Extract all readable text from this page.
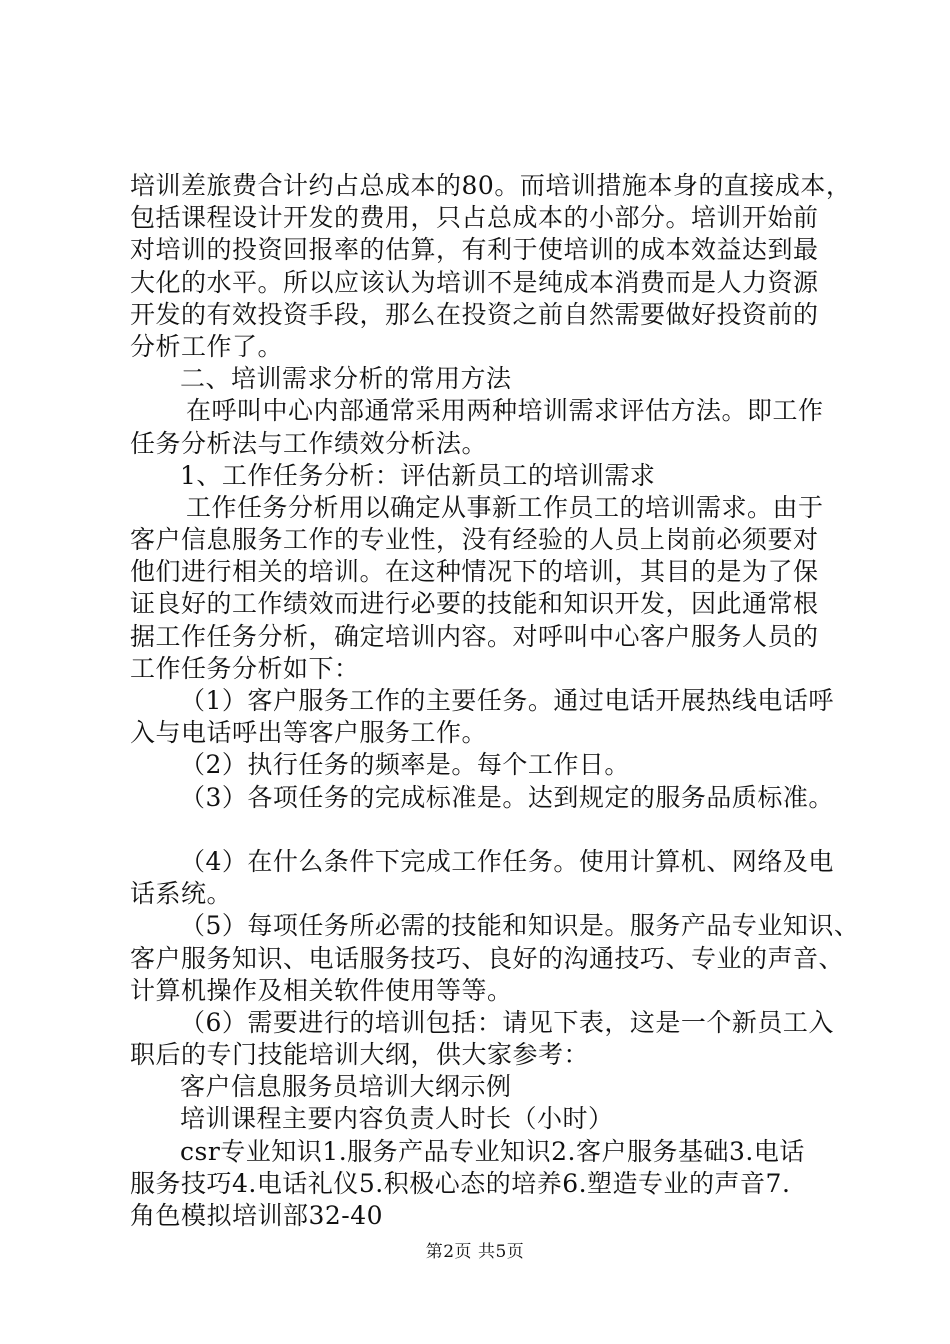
培训差旅费合计约占总成本的80。而培训措施本身的直接成本，
包括课程设计开发的费用，只占总成本的小部分。培训开始前
对培训的投资回报率的估算，有利于使培训的成本效益达到最
大化的水平。所以应该认为培训不是纯成本消费而是人力资源
开发的有效投资手段，那么在投资之前自然需要做好投资前的
分析工作了。
二、培训需求分析的常用方法
在呼叫中心内部通常采用两种培训需求评估方法。即工作
任务分析法与工作绩效分析法。
1、工作任务分析：评估新员工的培训需求
工作任务分析用以确定从事新工作员工的培训需求。由于
客户信息服务工作的专业性，没有经验的人员上岗前必须要对
他们进行相关的培训。在这种情况下的培训，其目的是为了保
证良好的工作绩效而进行必要的技能和知识开发，因此通常根
据工作任务分析，确定培训内容。对呼叫中心客户服务人员的
工作任务分析如下：
（1）客户服务工作的主要任务。通过电话开展热线电话呼
入与电话呼出等客户服务工作。
（2）执行任务的频率是。每个工作日。
（3）各项任务的完成标准是。达到规定的服务品质标准。
（4）在什么条件下完成工作任务。使用计算机、网络及电
话系统。
（5）每项任务所必需的技能和知识是。服务产品专业知识、
客户服务知识、电话服务技巧、良好的沟通技巧、专业的声音、
计算机操作及相关软件使用等等。
（6）需要进行的培训包括：请见下表，这是一个新员工入
职后的专门技能培训大纲，供大家参考：
客户信息服务员培训大纲示例
培训课程主要内容负责人时长（小时）
csr专业知识1.服务产品专业知识2.客户服务基础3.电话
服务技巧4.电话礼仪5.积极心态的培养6.塑造专业的声音7.
角色模拟培训部32-40
第2页 共5页
